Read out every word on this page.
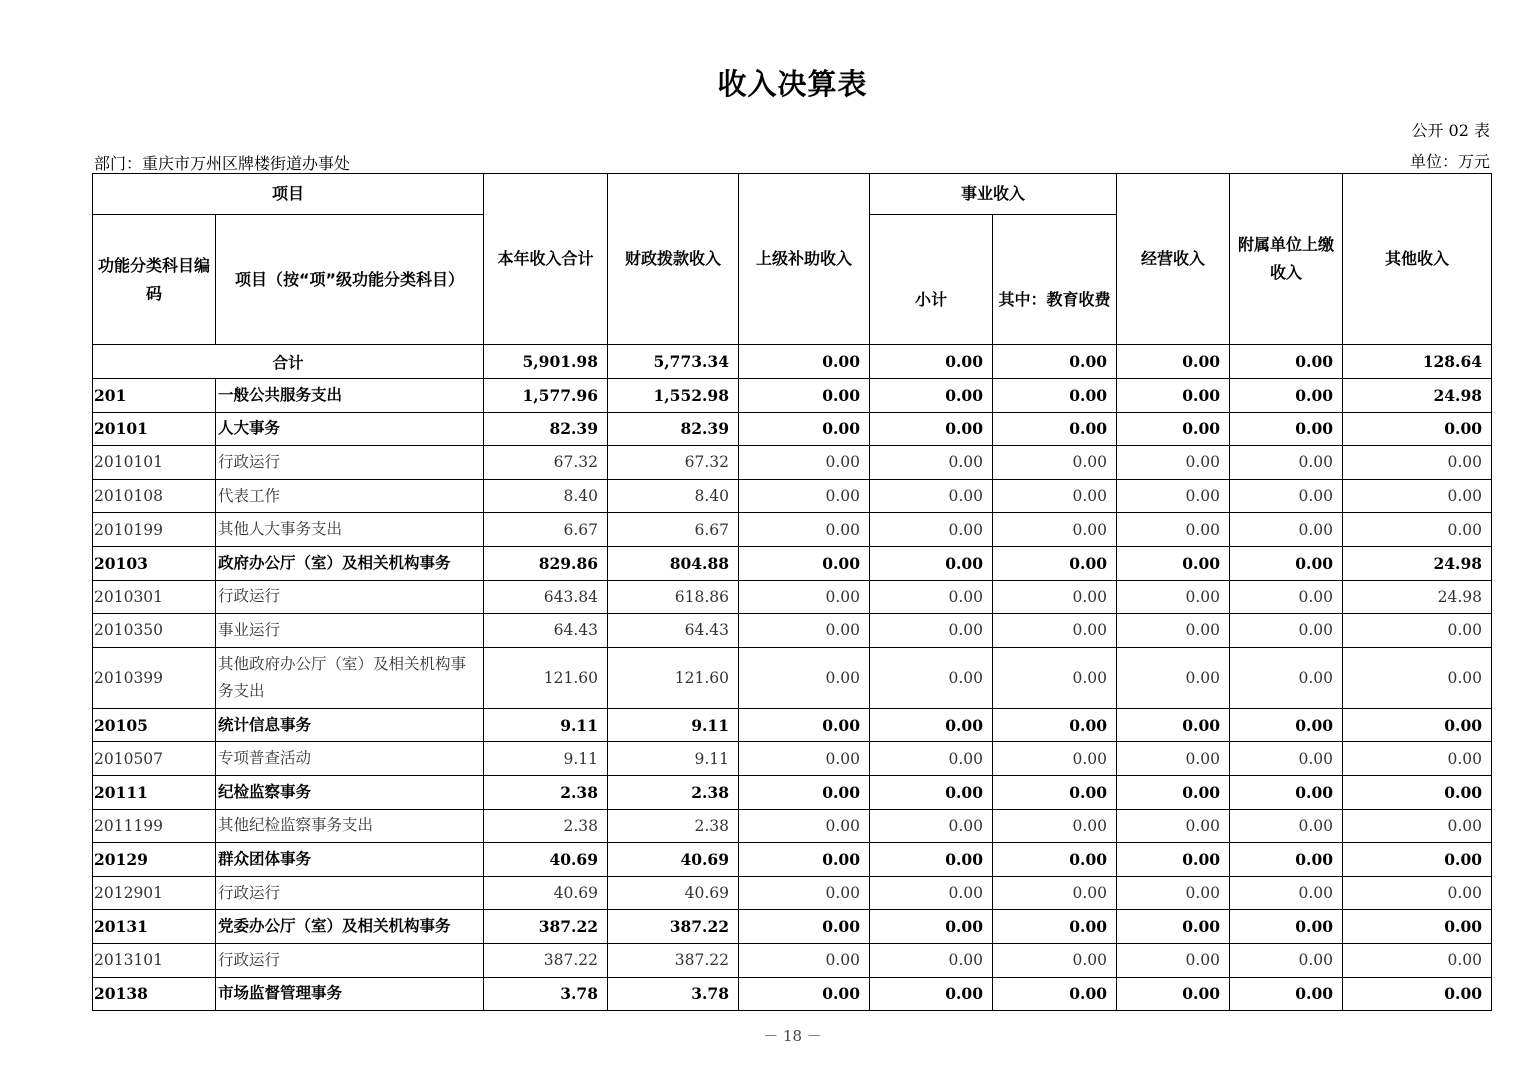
收入决算表
公开 02 表
部门：重庆市万州区牌楼街道办事处	单位：万元
项目		本年收入合计	财政拨款收入	上级补助收入	事业收入		经营收入	附属单位上缴收入	其他收入
功能分类科目编码	项目（按“项”级功能分类科目）				小计	其中：教育收费			
合计		5,901.98	5,773.34	0.00	0.00	0.00	0.00	0.00	128.64
201	一般公共服务支出	1,577.96	1,552.98	0.00	0.00	0.00	0.00	0.00	24.98
20101	人大事务	82.39	82.39	0.00	0.00	0.00	0.00	0.00	0.00
2010101	行政运行	67.32	67.32	0.00	0.00	0.00	0.00	0.00	0.00
2010108	代表工作	8.40	8.40	0.00	0.00	0.00	0.00	0.00	0.00
2010199	其他人大事务支出	6.67	6.67	0.00	0.00	0.00	0.00	0.00	0.00
20103	政府办公厅（室）及相关机构事务	829.86	804.88	0.00	0.00	0.00	0.00	0.00	24.98
2010301	行政运行	643.84	618.86	0.00	0.00	0.00	0.00	0.00	24.98
2010350	事业运行	64.43	64.43	0.00	0.00	0.00	0.00	0.00	0.00
2010399	其他政府办公厅（室）及相关机构事务支出	121.60	121.60	0.00	0.00	0.00	0.00	0.00	0.00
20105	统计信息事务	9.11	9.11	0.00	0.00	0.00	0.00	0.00	0.00
2010507	专项普查活动	9.11	9.11	0.00	0.00	0.00	0.00	0.00	0.00
20111	纪检监察事务	2.38	2.38	0.00	0.00	0.00	0.00	0.00	0.00
2011199	其他纪检监察事务支出	2.38	2.38	0.00	0.00	0.00	0.00	0.00	0.00
20129	群众团体事务	40.69	40.69	0.00	0.00	0.00	0.00	0.00	0.00
2012901	行政运行	40.69	40.69	0.00	0.00	0.00	0.00	0.00	0.00
20131	党委办公厅（室）及相关机构事务	387.22	387.22	0.00	0.00	0.00	0.00	0.00	0.00
2013101	行政运行	387.22	387.22	0.00	0.00	0.00	0.00	0.00	0.00
20138	市场监督管理事务	3.78	3.78	0.00	0.00	0.00	0.00	0.00	0.00
－ 18 －
